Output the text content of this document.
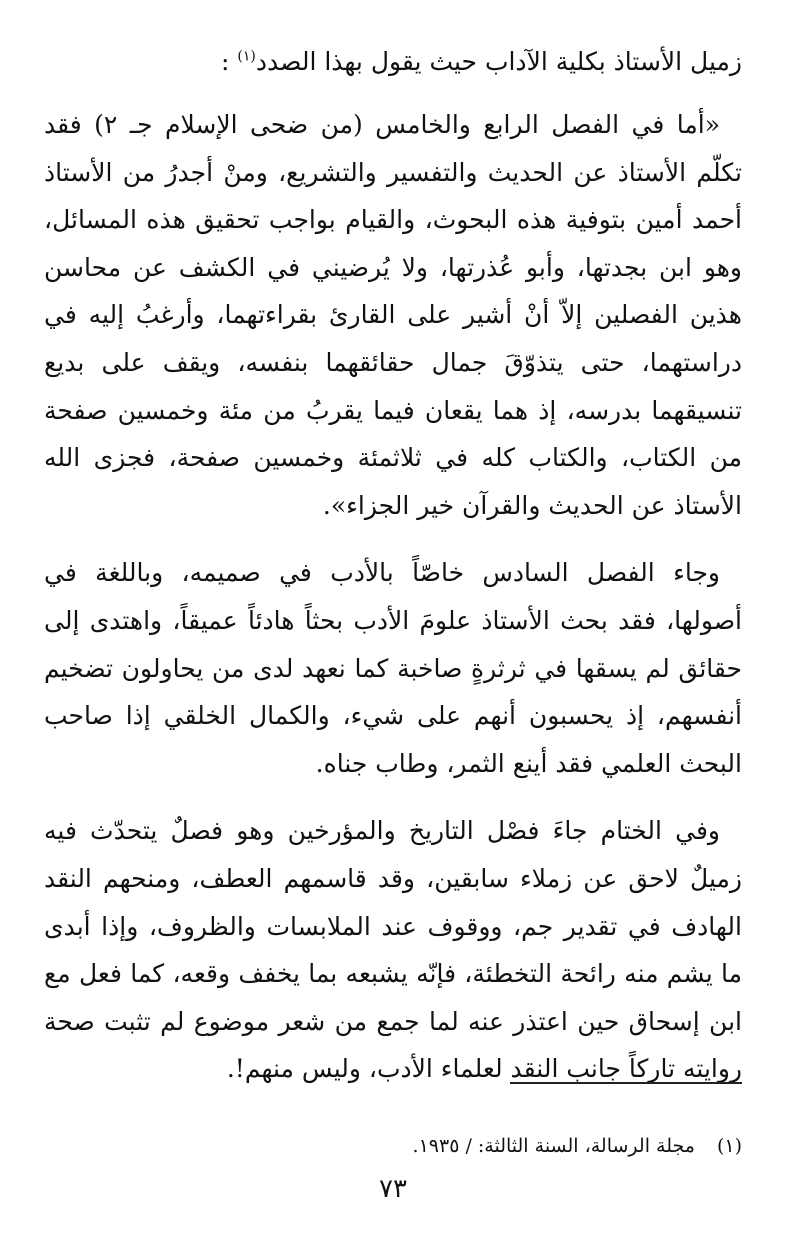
زميل الأستاذ بكلية الآداب حيث يقول بهذا الصدد$^{(١)}$ :

«أما في الفصل الرابع والخامس (من ضحى الإسلام جـ ٢) فقد تكلّم الأستاذ عن الحديث والتفسير والتشريع، ومنْ أجدرُ من الأستاذ أحمد أمين بتوفية هذه البحوث، والقيام بواجب تحقيق هذه المسائل، وهو ابن بجدتها، وأبو عُذرتها، ولا يُرضيني في الكشف عن محاسن هذين الفصلين إلاّ أنْ أشير على القارئ بقراءتهما، وأرغبُ إليه في دراستهما، حتى يتذوّقَ جمال حقائقهما بنفسه، ويقف على بديع تنسيقهما بدرسه، إذ هما يقعان فيما يقربُ من مئة وخمسين صفحة من الكتاب، والكتاب كله في ثلاثمئة وخمسين صفحة، فجزى الله الأستاذ عن الحديث والقرآن خير الجزاء».

وجاء الفصل السادس خاصّاً بالأدب في صميمه، وباللغة في أصولها، فقد بحث الأستاذ علومَ الأدب بحثاً هادئاً عميقاً، واهتدى إلى حقائق لم يسقها في ثرثرةٍ صاخبة كما نعهد لدى من يحاولون تضخيم أنفسهم، إذ يحسبون أنهم على شيء، والكمال الخلقي إذا صاحب البحث العلمي فقد أينع الثمر، وطاب جناه.

وفي الختام جاءَ فصْل التاريخ والمؤرخين وهو فصلٌ يتحدّث فيه زميلٌ لاحق عن زملاء سابقين، وقد قاسمهم العطف، ومنحهم النقد الهادف في تقدير جم، ووقوف عند الملابسات والظروف، وإذا أبدى ما يشم منه رائحة التخطئة، فإنّه يشبعه بما يخفف وقعه، كما فعل مع ابن إسحاق حين اعتذر عنه لما جمع من شعر موضوع لم تثبت صحة روايته تاركاً جانب النقد لعلماء الأدب، وليس منهم!.

(١)مجلة الرسالة، السنة الثالثة: / ١٩٣٥.
٧٣
